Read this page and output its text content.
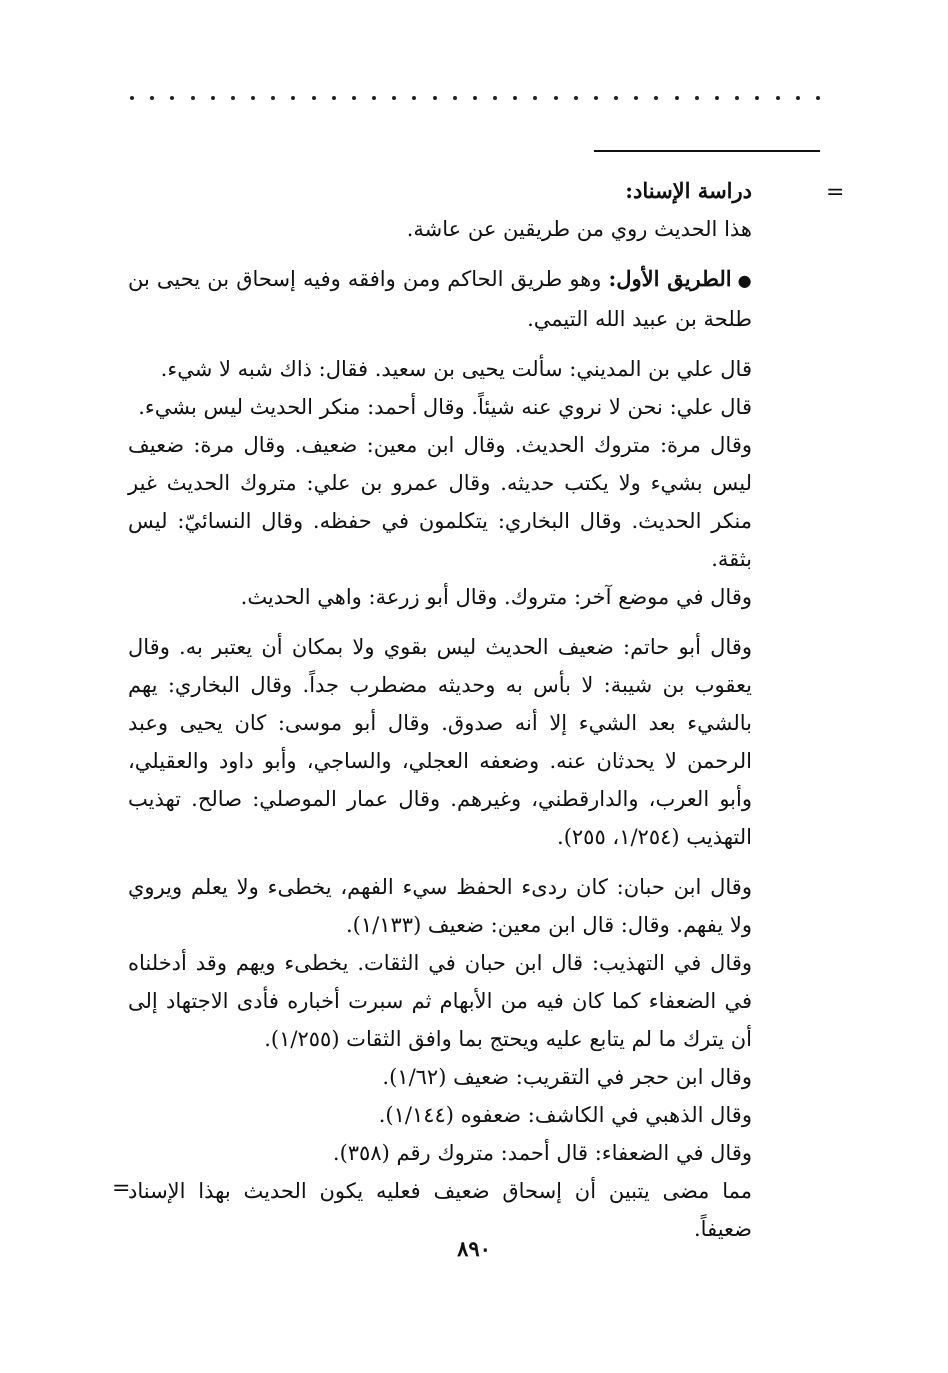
=

دراسة الإسناد:

هذا الحديث روي من طريقين عن عاشة.

●الطريق الأول: وهو طريق الحاكم ومن وافقه وفيه إسحاق بن يحيى بن طلحة بن عبيد الله التيمي.

قال علي بن المديني: سألت يحيى بن سعيد. فقال: ذاك شبه لا شيء.

قال علي: نحن لا نروي عنه شيئاً. وقال أحمد: منكر الحديث ليس بشيء.

وقال مرة: متروك الحديث. وقال ابن معين: ضعيف. وقال مرة: ضعيف ليس بشيء ولا يكتب حديثه. وقال عمرو بن علي: متروك الحديث غير منكر الحديث. وقال البخاري: يتكلمون في حفظه. وقال النسائيّ: ليس بثقة.

وقال في موضع آخر: متروك. وقال أبو زرعة: واهي الحديث.

وقال أبو حاتم: ضعيف الحديث ليس بقوي ولا بمكان أن يعتبر به. وقال يعقوب بن شيبة: لا بأس به وحديثه مضطرب جداً. وقال البخاري: يهم بالشيء بعد الشيء إلا أنه صدوق. وقال أبو موسى: كان يحيى وعبد الرحمن لا يحدثان عنه. وضعفه العجلي، والساجي، وأبو داود والعقيلي، وأبو العرب، والدارقطني، وغيرهم. وقال عمار الموصلي: صالح. تهذيب التهذيب (١/٢٥٤، ٢٥٥).

وقال ابن حبان: كان ردىء الحفظ سيء الفهم، يخطىء ولا يعلم ويروي ولا يفهم. وقال: قال ابن معين: ضعيف (١/١٣٣).

وقال في التهذيب: قال ابن حبان في الثقات. يخطىء ويهم وقد أدخلناه في الضعفاء كما كان فيه من الأبهام ثم سبرت أخباره فأدى الاجتهاد إلى أن يترك ما لم يتابع عليه ويحتج بما وافق الثقات (١/٢٥٥).

وقال ابن حجر في التقريب: ضعيف (١/٦٢).

وقال الذهبي في الكاشف: ضعفوه (١/١٤٤).

وقال في الضعفاء: قال أحمد: متروك رقم (٣٥٨).

مما مضى يتبين أن إسحاق ضعيف فعليه يكون الحديث بهذا الإسناد ضعيفاً.

=
٨٩٠
